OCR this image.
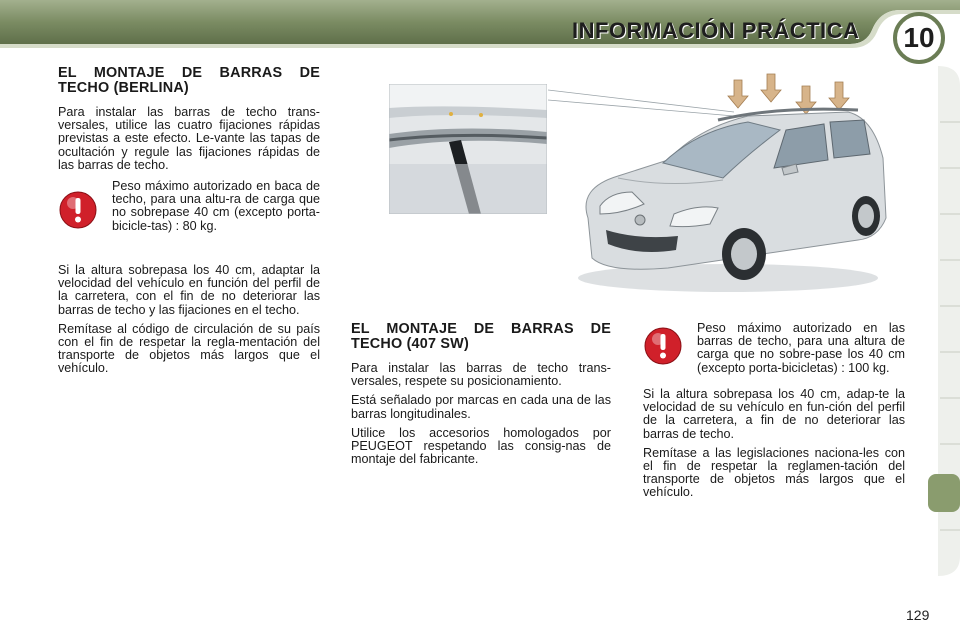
INFORMACIÓN PRÁCTICA	10
EL MONTAJE DE BARRAS DE TECHO (BERLINA)

Para instalar las barras de techo trans-versales, utilice las cuatro fijaciones rápidas previstas a este efecto. Le-vante las tapas de ocultación y regule las fijaciones rápidas de las barras de techo.

Peso máximo autorizado en baca de techo, para una altu-ra de carga que no sobrepase 40 cm (excepto porta-bicicle-tas) : 80 kg.

Si la altura sobrepasa los 40 cm, adaptar la velocidad del vehículo en función del perfil de la carretera, con el fin de no deteriorar las barras de techo y las fijaciones en el techo.

Remítase al código de circulación de su país con el fin de respetar la regla-mentación del transporte de objetos más largos que el vehículo.

EL MONTAJE DE BARRAS DE TECHO (407 SW)

Para instalar las barras de techo trans-versales, respete su posicionamiento.

Está señalado por marcas en cada una de las barras longitudinales.

Utilice los accesorios homologados por PEUGEOT respetando las consig-nas de montaje del fabricante.

Peso máximo autorizado en las barras de techo, para una altura de carga que no sobre-pase los 40 cm (excepto porta-bicicletas) : 100 kg.

Si la altura sobrepasa los 40 cm, adap-te la velocidad de su vehículo en fun-ción del perfil de la carretera, a fin de no deteriorar las barras de techo.

Remítase a las legislaciones naciona-les con el fin de respetar la reglamen-tación del transporte de objetos más largos que el vehículo.

129
